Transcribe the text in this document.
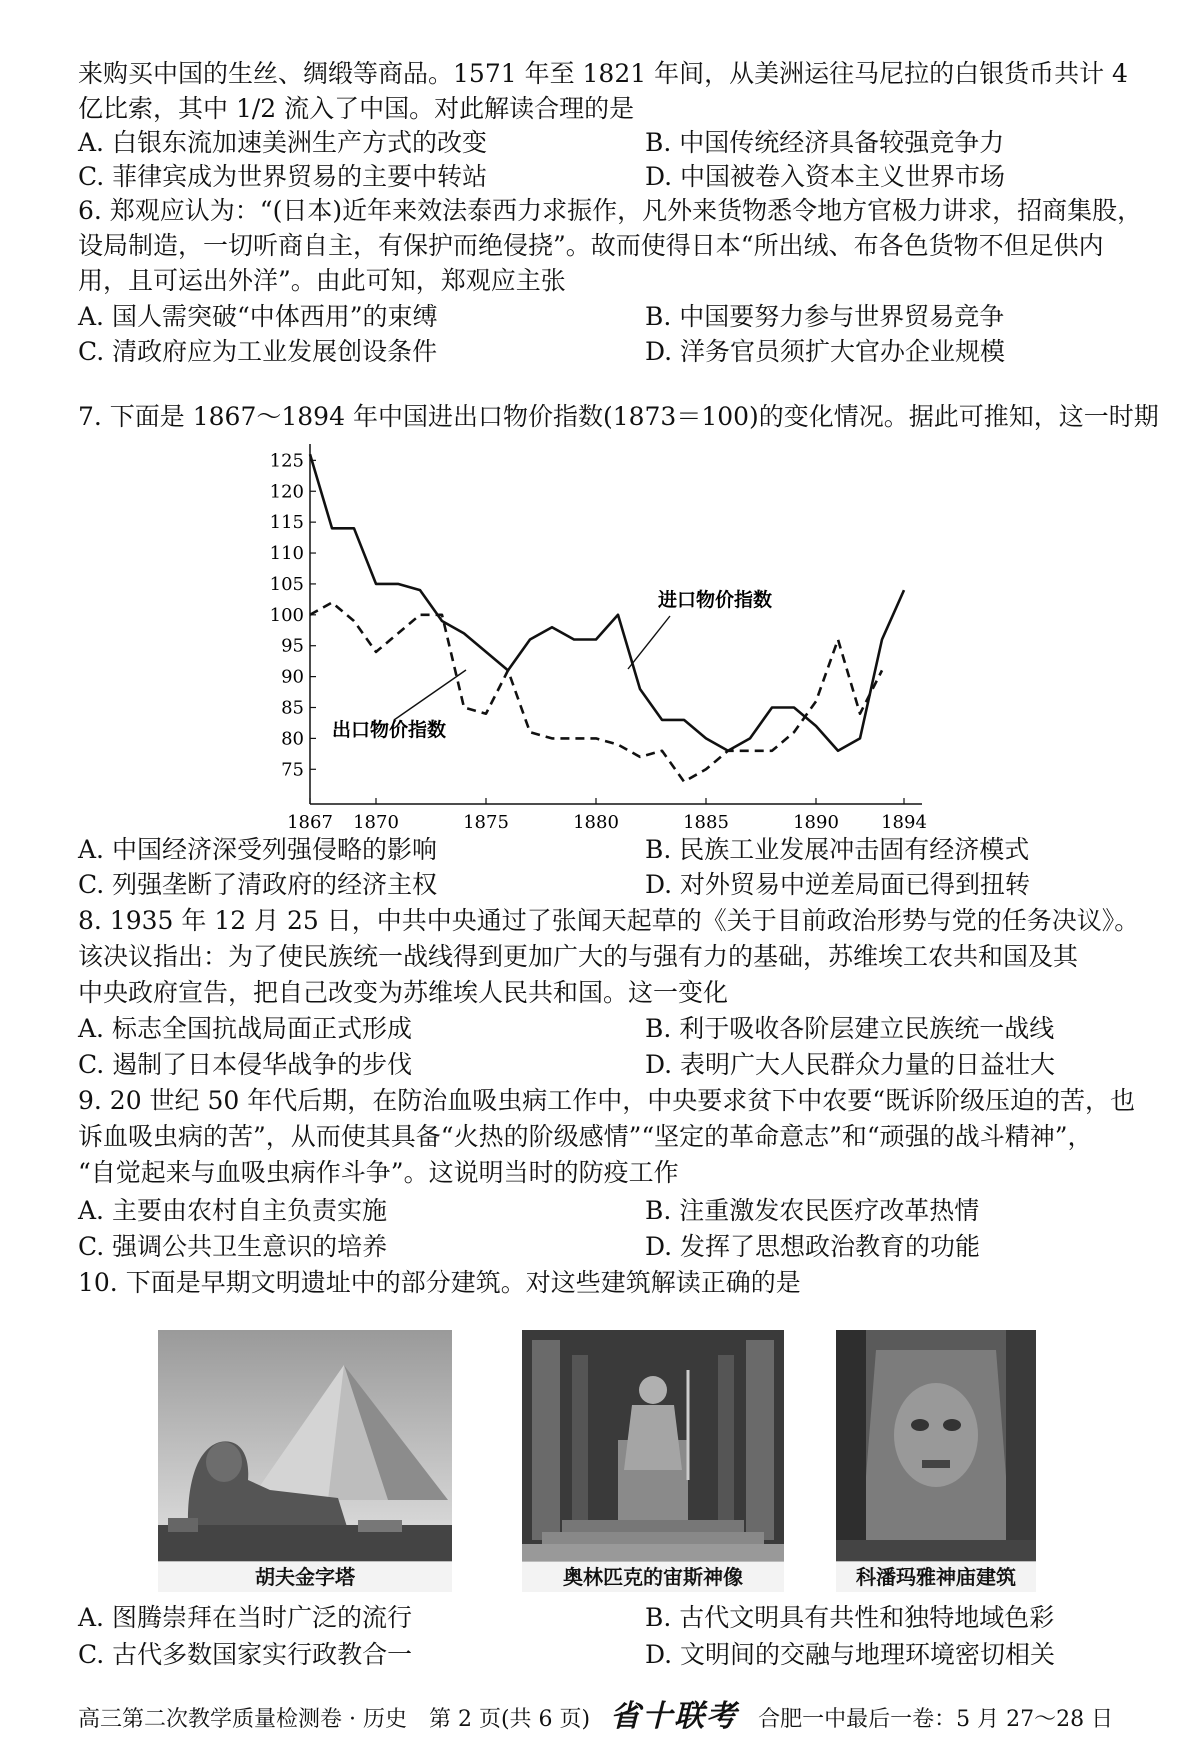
来购买中国的生丝、绸缎等商品。1571 年至 1821 年间，从美洲运往马尼拉的白银货币共计 4
亿比索，其中 1/2 流入了中国。对此解读合理的是
A. 白银东流加速美洲生产方式的改变	B. 中国传统经济具备较强竞争力
C. 菲律宾成为世界贸易的主要中转站	D. 中国被卷入资本主义世界市场
6. 郑观应认为：“(日本)近年来效法泰西力求振作，凡外来货物悉令地方官极力讲求，招商集股，
设局制造，一切听商自主，有保护而绝侵挠”。故而使得日本“所出绒、布各色货物不但足供内
用，且可运出外洋”。由此可知，郑观应主张
A. 国人需突破“中体西用”的束缚	B. 中国要努力参与世界贸易竞争
C. 清政府应为工业发展创设条件	D. 洋务官员须扩大官办企业规模
7. 下面是 1867～1894 年中国进出口物价指数(1873＝100)的变化情况。据此可推知，这一时期
75
80
85
90
95
100
105
110
115
120
125
1867 1870	1875	1880	1885	1890 1894
进口物价指数
出口物价指数
A. 中国经济深受列强侵略的影响	B. 民族工业发展冲击固有经济模式
C. 列强垄断了清政府的经济主权	D. 对外贸易中逆差局面已得到扭转
8. 1935 年 12 月 25 日，中共中央通过了张闻天起草的《关于目前政治形势与党的任务决议》。
该决议指出：为了使民族统一战线得到更加广大的与强有力的基础，苏维埃工农共和国及其
中央政府宣告，把自己改变为苏维埃人民共和国。这一变化
A. 标志全国抗战局面正式形成	B. 利于吸收各阶层建立民族统一战线
C. 遏制了日本侵华战争的步伐	D. 表明广大人民群众力量的日益壮大
9. 20 世纪 50 年代后期，在防治血吸虫病工作中，中央要求贫下中农要“既诉阶级压迫的苦，也
诉血吸虫病的苦”，从而使其具备“火热的阶级感情”“坚定的革命意志”和“顽强的战斗精神”，
“自觉起来与血吸虫病作斗争”。这说明当时的防疫工作
A. 主要由农村自主负责实施	B. 注重激发农民医疗改革热情
C. 强调公共卫生意识的培养	D. 发挥了思想政治教育的功能
10. 下面是早期文明遗址中的部分建筑。对这些建筑解读正确的是
胡夫金字塔	奥林匹克的宙斯神像	科潘玛雅神庙建筑
A. 图腾崇拜在当时广泛的流行	B. 古代文明具有共性和独特地域色彩
C. 古代多数国家实行政教合一	D. 文明间的交融与地理环境密切相关
高三第二次教学质量检测卷 · 历史　第 2 页(共 6 页) 省十联考 合肥一中最后一卷：5 月 27～28 日
